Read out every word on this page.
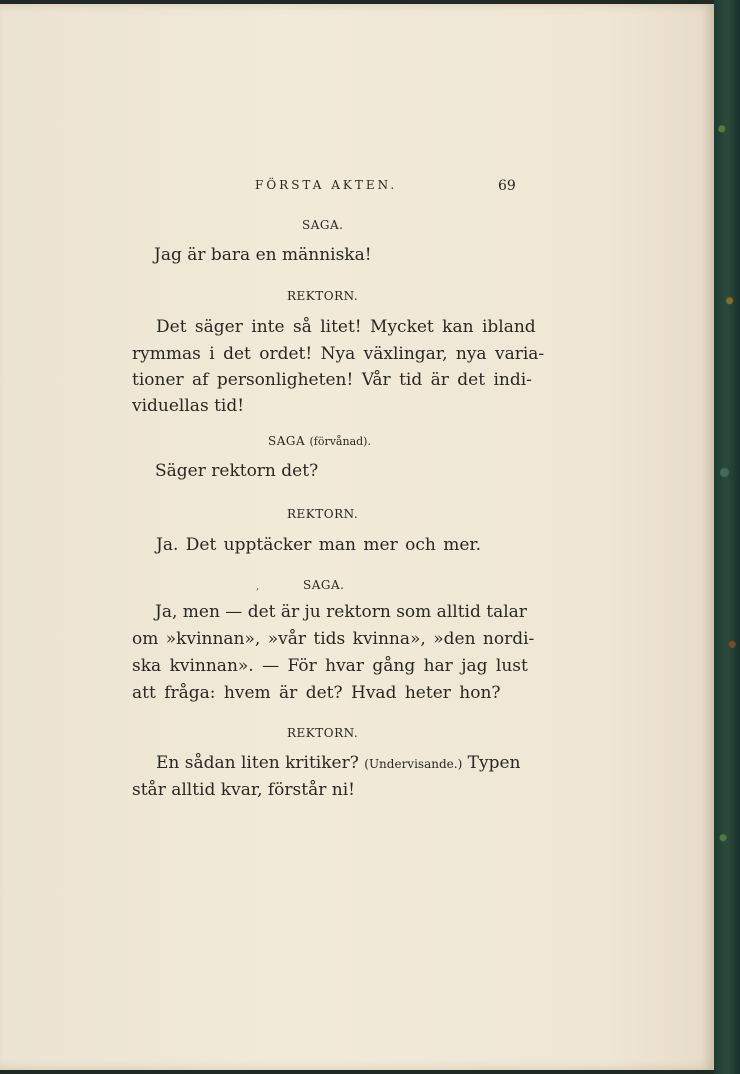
FÖRSTA AKTEN.	69
SAGA.
Jag är bara en människa!
REKTORN.
Det säger inte så litet! Mycket kan ibland
rymmas i det ordet! Nya växlingar, nya varia-
tioner af personligheten! Vår tid är det indi-
viduellas tid!
SAGA (förvånad).
Säger rektorn det?
REKTORN.
Ja. Det upptäcker man mer och mer.
,	SAGA.
Ja, men — det är ju rektorn som alltid talar
om »kvinnan», »vår tids kvinna», »den nordi-
ska kvinnan». — För hvar gång har jag lust
att fråga: hvem är det? Hvad heter hon?
REKTORN.
En sådan liten kritiker? (Undervisande.) Typen
står alltid kvar, förstår ni!
